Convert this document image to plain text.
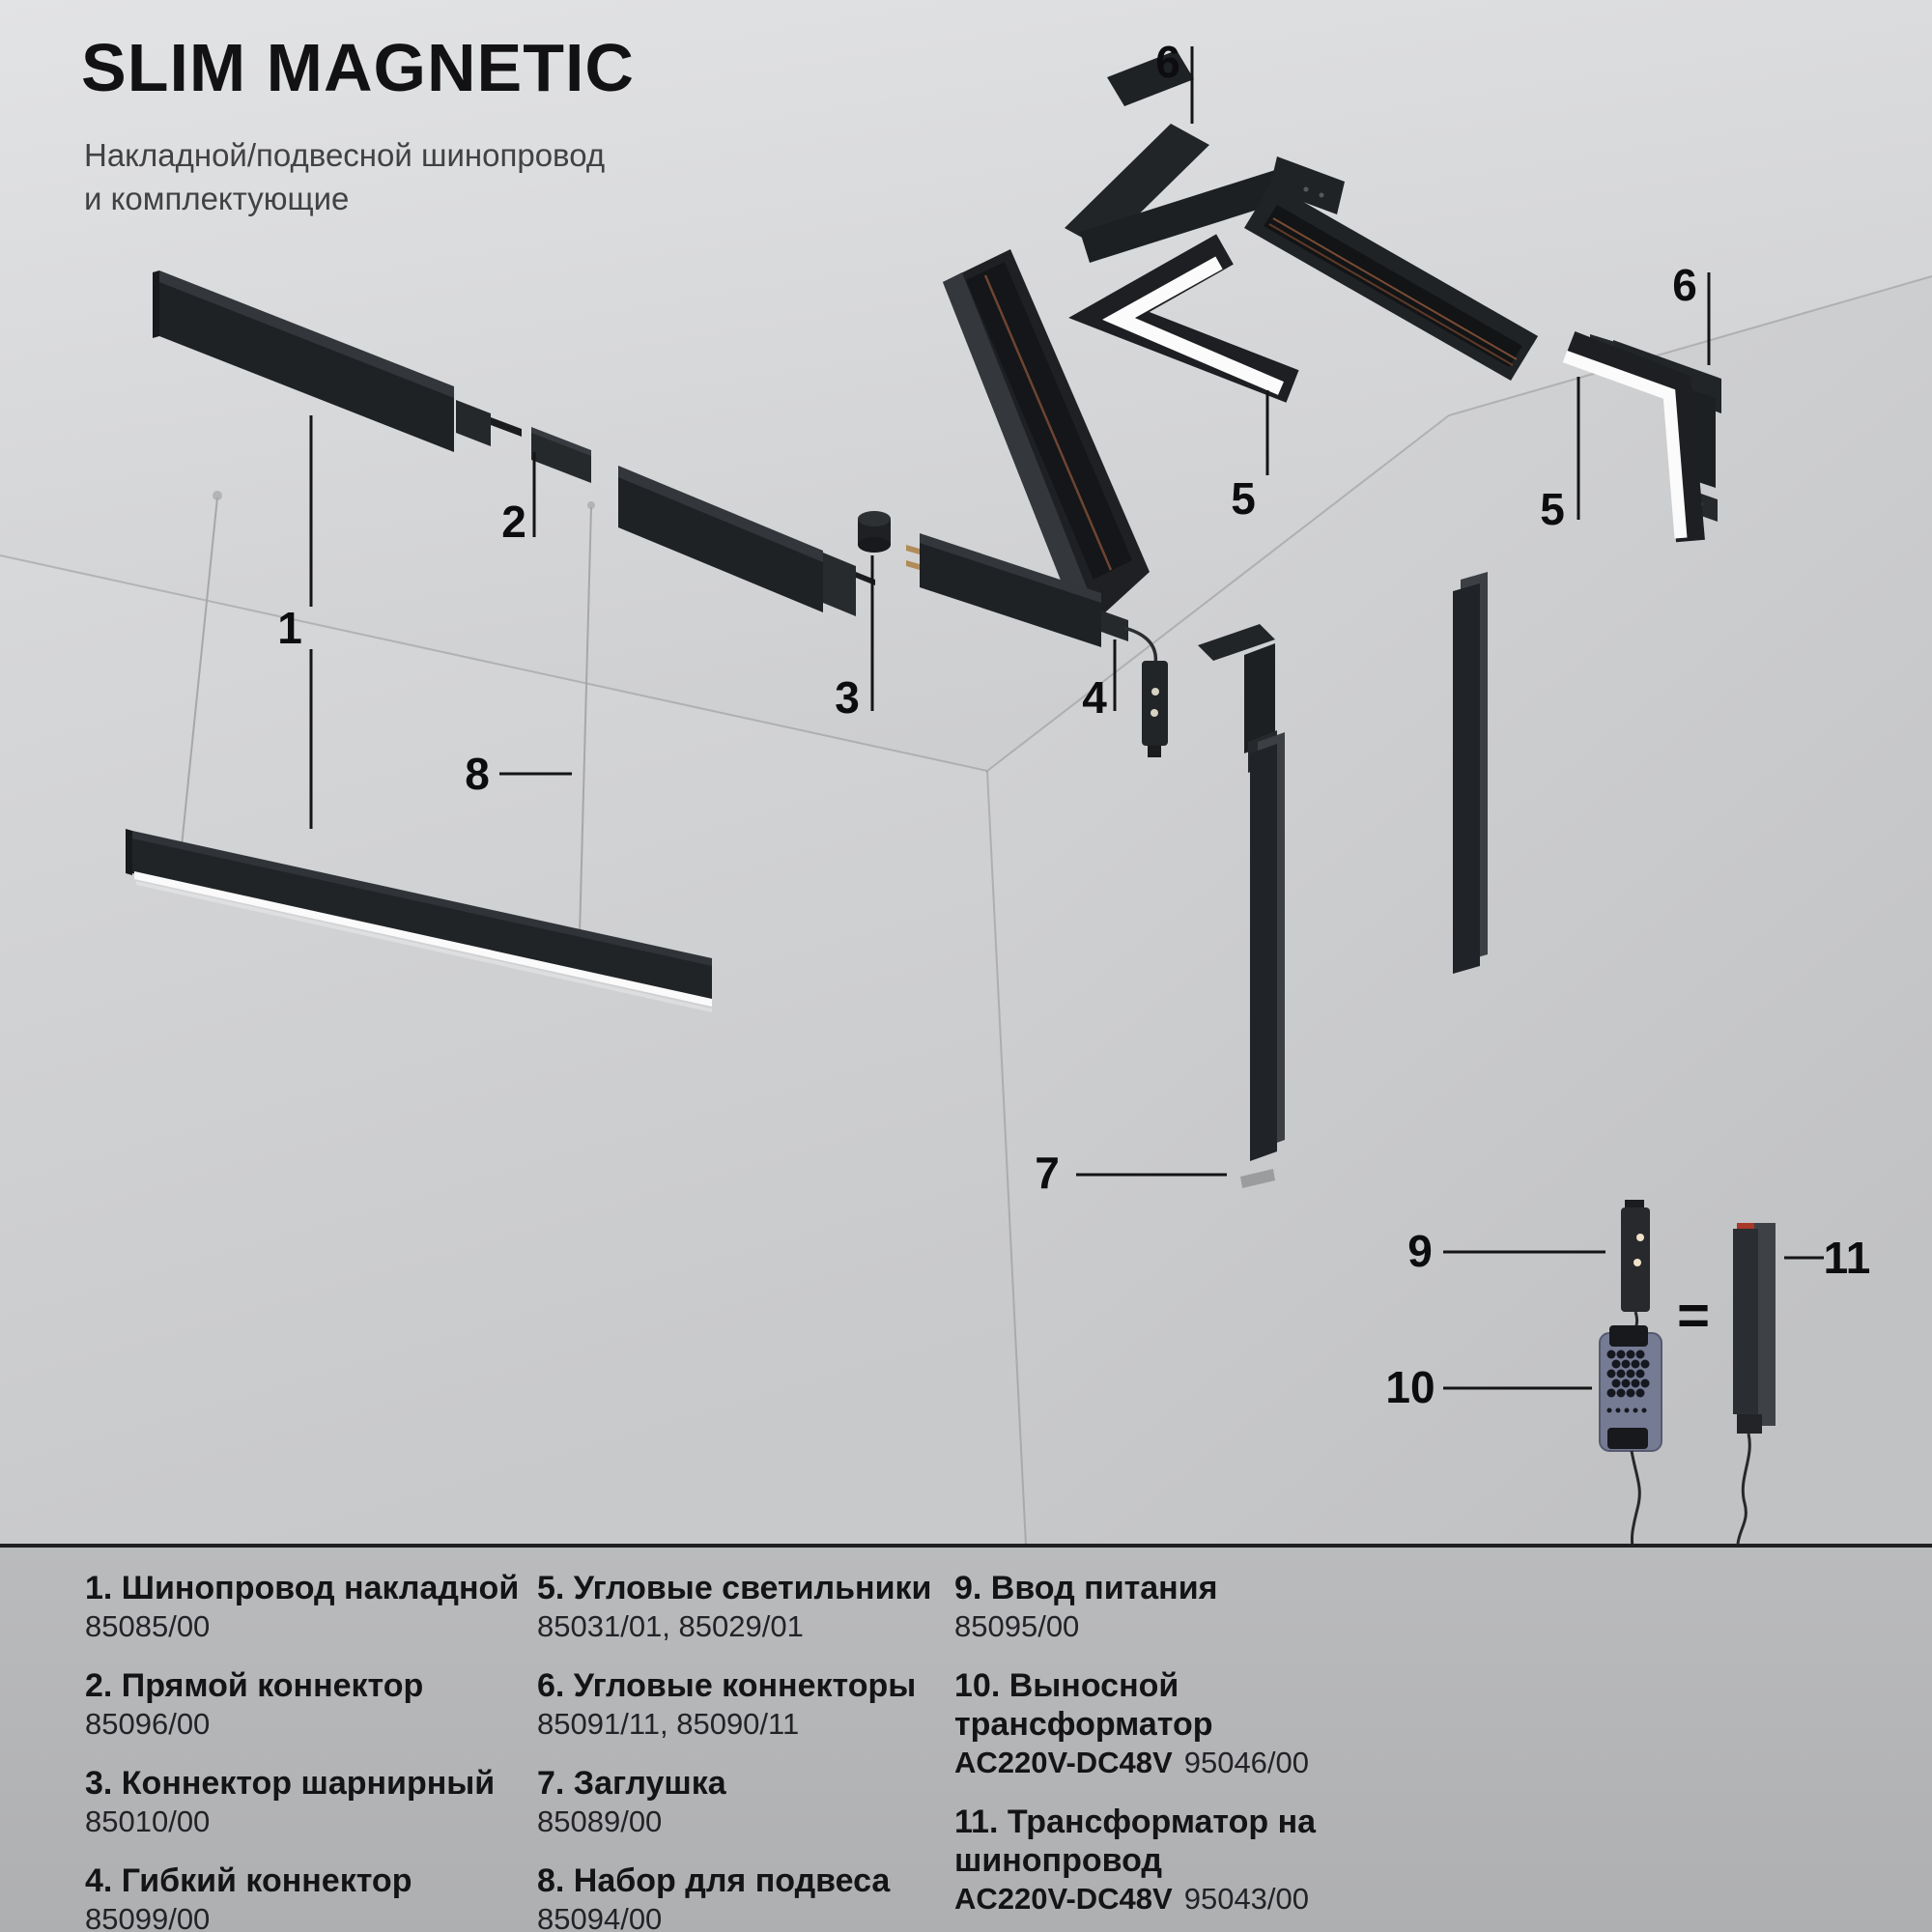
SLIM MAGNETIC
Накладной/подвесной шинопровод
и комплектующие
1
2
3	4
5	5
6
6
7
8
9
10
11
=
1. Шинопровод накладной
85085/00
2. Прямой коннектор
85096/00
3. Коннектор шарнирный
85010/00
4. Гибкий коннектор
85099/00
5. Угловые светильники
85031/01, 85029/01
6. Угловые коннекторы
85091/11, 85090/11
7. Заглушка
85089/00
8. Набор для подвеса
85094/00
9. Ввод питания
85095/00
10. Выносной трансформатор
AC220V-DC48V 95046/00
11. Трансформатор на шинопровод
AC220V-DC48V 95043/00
